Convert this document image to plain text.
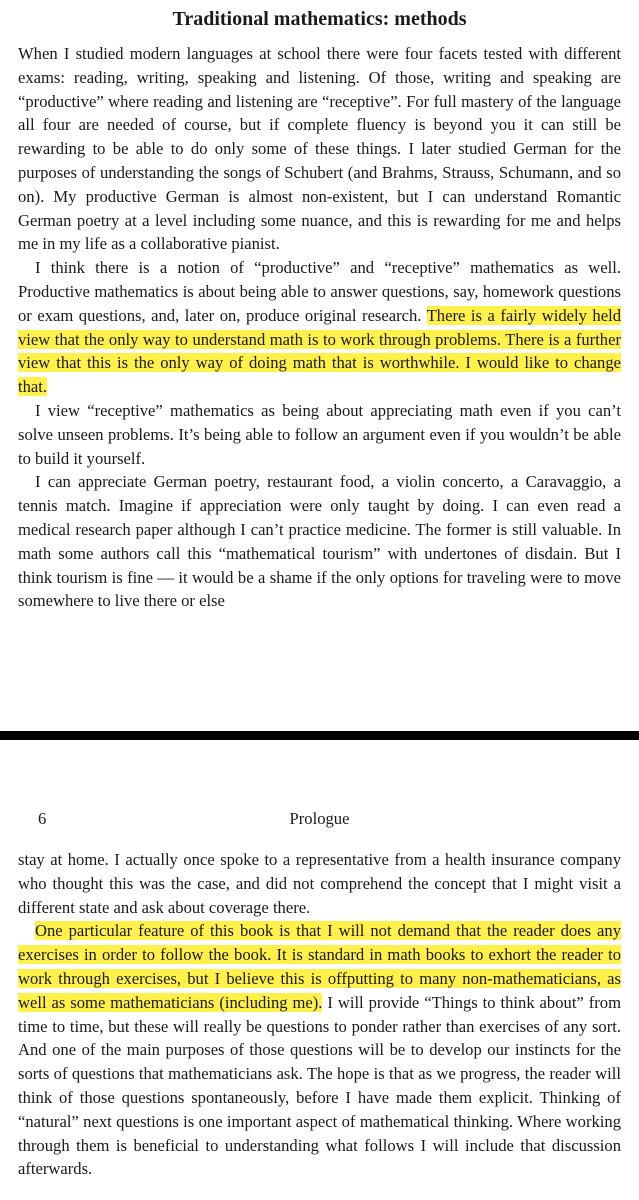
Traditional mathematics: methods

When I studied modern languages at school there were four facets tested with different exams: reading, writing, speaking and listening. Of those, writing and speaking are “productive” where reading and listening are “receptive”. For full mastery of the language all four are needed of course, but if complete fluency is beyond you it can still be rewarding to be able to do only some of these things. I later studied German for the purposes of understanding the songs of Schubert (and Brahms, Strauss, Schumann, and so on). My productive German is almost non-existent, but I can understand Romantic German poetry at a level including some nuance, and this is rewarding for me and helps me in my life as a collaborative pianist.

I think there is a notion of “productive” and “receptive” mathematics as well. Productive mathematics is about being able to answer questions, say, homework questions or exam questions, and, later on, produce original research. There is a fairly widely held view that the only way to understand math is to work through problems. There is a further view that this is the only way of doing math that is worthwhile. I would like to change that.

I view “receptive” mathematics as being about appreciating math even if you can’t solve unseen problems. It’s being able to follow an argument even if you wouldn’t be able to build it yourself.

I can appreciate German poetry, restaurant food, a violin concerto, a Caravaggio, a tennis match. Imagine if appreciation were only taught by doing. I can even read a medical research paper although I can’t practice medicine. The former is still valuable. In math some authors call this “mathematical tourism” with undertones of disdain. But I think tourism is fine — it would be a shame if the only options for traveling were to move somewhere to live there or else

6	Prologue

stay at home. I actually once spoke to a representative from a health insurance company who thought this was the case, and did not comprehend the concept that I might visit a different state and ask about coverage there.

One particular feature of this book is that I will not demand that the reader does any exercises in order to follow the book. It is standard in math books to exhort the reader to work through exercises, but I believe this is offputting to many non-mathematicians, as well as some mathematicians (including me). I will provide “Things to think about” from time to time, but these will really be questions to ponder rather than exercises of any sort. And one of the main purposes of those questions will be to develop our instincts for the sorts of questions that mathematicians ask. The hope is that as we progress, the reader will think of those questions spontaneously, before I have made them explicit. Thinking of “natural” next questions is one important aspect of mathematical thinking. Where working through them is beneficial to understanding what follows I will include that discussion afterwards.
